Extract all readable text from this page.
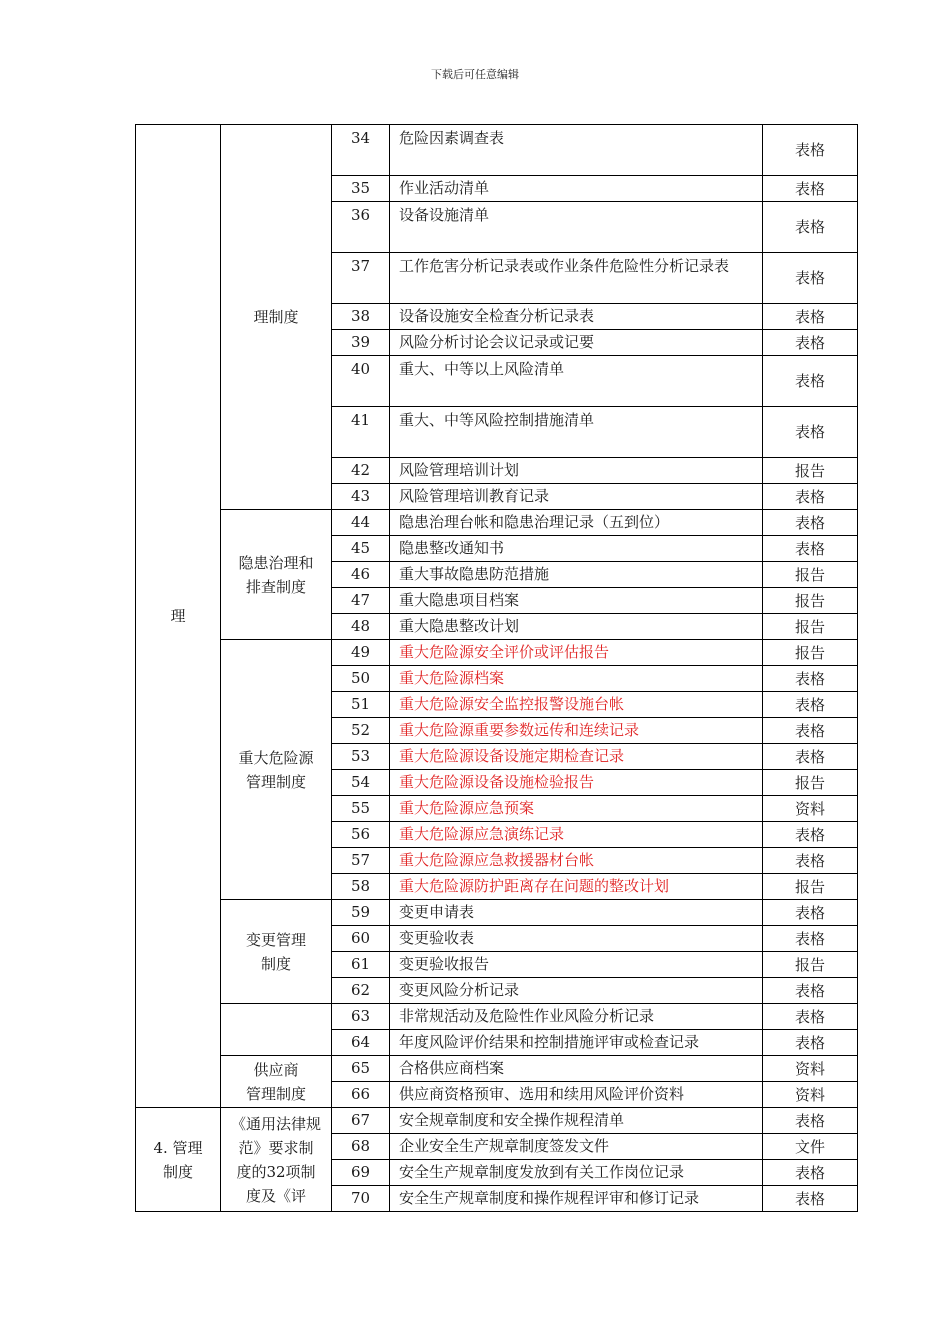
下载后可任意编辑
理	理制度	34	危险因素调查表	表格
		35	作业活动清单	表格
		36	设备设施清单	表格
		37	工作危害分析记录表或作业条件危险性分析记录表	表格
		38	设备设施安全检查分析记录表	表格
		39	风险分析讨论会议记录或记要	表格
		40	重大、中等以上风险清单	表格
		41	重大、中等风险控制措施清单	表格
		42	风险管理培训计划	报告
		43	风险管理培训教育记录	表格
	隐患治理和
排查制度	44	隐患治理台帐和隐患治理记录（五到位）	表格
		45	隐患整改通知书	表格
		46	重大事故隐患防范措施	报告
		47	重大隐患项目档案	报告
		48	重大隐患整改计划	报告
	重大危险源
管理制度	49	重大危险源安全评价或评估报告	报告
		50	重大危险源档案	表格
		51	重大危险源安全监控报警设施台帐	表格
		52	重大危险源重要参数远传和连续记录	表格
		53	重大危险源设备设施定期检查记录	表格
		54	重大危险源设备设施检验报告	报告
		55	重大危险源应急预案	资料
		56	重大危险源应急演练记录	表格
		57	重大危险源应急救援器材台帐	表格
		58	重大危险源防护距离存在问题的整改计划	报告
	变更管理
制度	59	变更申请表	表格
		60	变更验收表	表格
		61	变更验收报告	报告
		62	变更风险分析记录	表格
		63	非常规活动及危险性作业风险分析记录	表格
		64	年度风险评价结果和控制措施评审或检查记录	表格
	供应商
管理制度	65	合格供应商档案	资料
		66	供应商资格预审、选用和续用风险评价资料	资料
4. 管理
制度	《通用法律规
范》要求制
度的32项制
度及《评	67	安全规章制度和安全操作规程清单	表格
		68	企业安全生产规章制度签发文件	文件
		69	安全生产规章制度发放到有关工作岗位记录	表格
		70	安全生产规章制度和操作规程评审和修订记录	表格
